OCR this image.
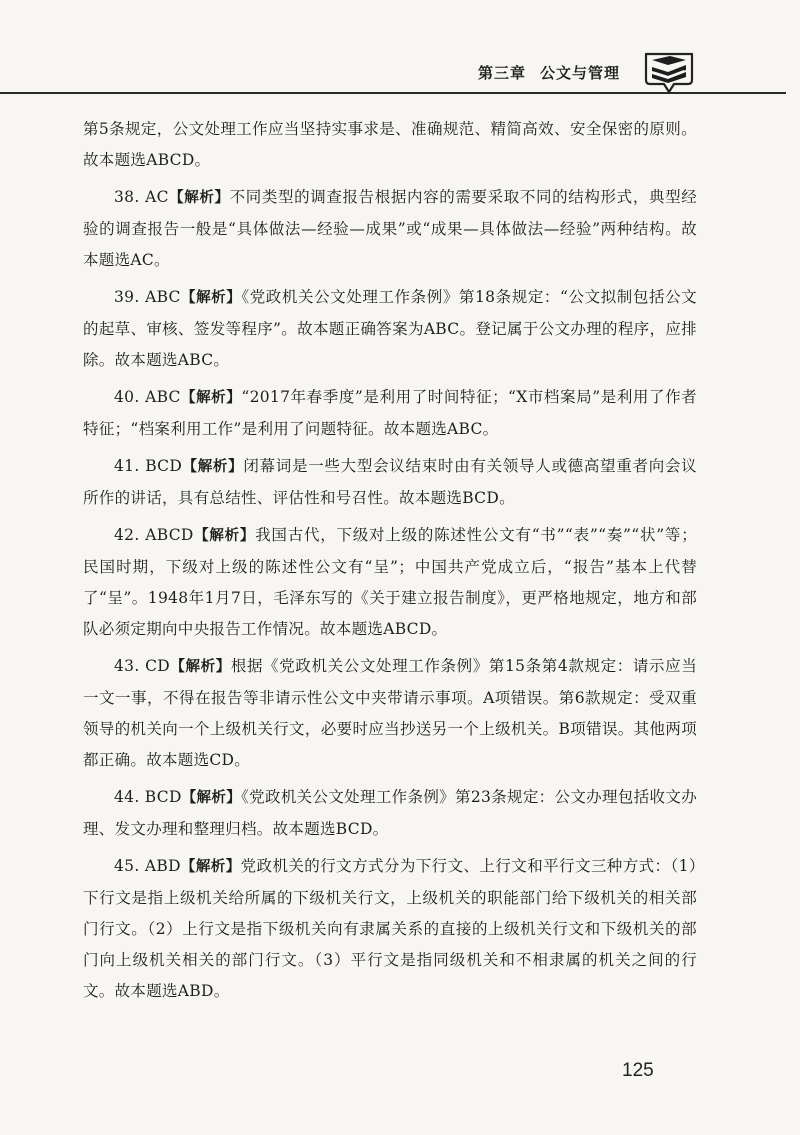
第三章 公文与管理

第5条规定，公文处理工作应当坚持实事求是、准确规范、精简高效、安全保密的原则。故本题选ABCD。

38. AC【解析】不同类型的调查报告根据内容的需要采取不同的结构形式，典型经验的调查报告一般是“具体做法—经验—成果”或“成果—具体做法—经验”两种结构。故本题选AC。

39. ABC【解析】《党政机关公文处理工作条例》第18条规定：“公文拟制包括公文的起草、审核、签发等程序”。故本题正确答案为ABC。登记属于公文办理的程序，应排除。故本题选ABC。

40. ABC【解析】“2017年春季度”是利用了时间特征；“X市档案局”是利用了作者特征；“档案利用工作”是利用了问题特征。故本题选ABC。

41. BCD【解析】闭幕词是一些大型会议结束时由有关领导人或德高望重者向会议所作的讲话，具有总结性、评估性和号召性。故本题选BCD。

42. ABCD【解析】我国古代，下级对上级的陈述性公文有“书”“表”“奏”“状”等；民国时期，下级对上级的陈述性公文有“呈”；中国共产党成立后，“报告”基本上代替了“呈”。1948年1月7日，毛泽东写的《关于建立报告制度》，更严格地规定，地方和部队必须定期向中央报告工作情况。故本题选ABCD。

43. CD【解析】根据《党政机关公文处理工作条例》第15条第4款规定：请示应当一文一事，不得在报告等非请示性公文中夹带请示事项。A项错误。第6款规定：受双重领导的机关向一个上级机关行文，必要时应当抄送另一个上级机关。B项错误。其他两项都正确。故本题选CD。

44. BCD【解析】《党政机关公文处理工作条例》第23条规定：公文办理包括收文办理、发文办理和整理归档。故本题选BCD。

45. ABD【解析】党政机关的行文方式分为下行文、上行文和平行文三种方式：（1）下行文是指上级机关给所属的下级机关行文，上级机关的职能部门给下级机关的相关部门行文。（2）上行文是指下级机关向有隶属关系的直接的上级机关行文和下级机关的部门向上级机关相关的部门行文。（3）平行文是指同级机关和不相隶属的机关之间的行文。故本题选ABD。

125
